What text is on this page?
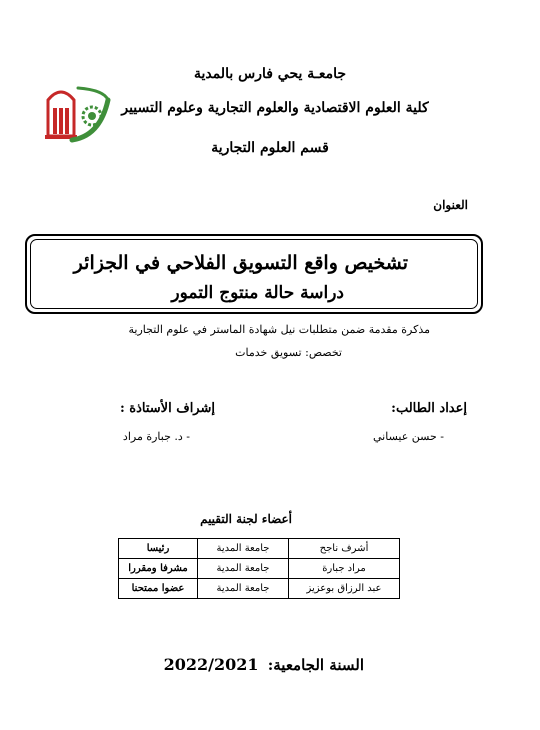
جامعـة يحي فارس بالمدية
كلية العلوم الاقتصادية والعلوم التجارية وعلوم التسيير
قسم العلوم التجارية
العنوان
تشخيص واقع التسويق الفلاحي في الجزائر
دراسة حالة منتوج التمور
مذكرة مقدمة ضمن متطلبات نيل شهادة الماستر في علوم التجارية
تخصص: تسويق خدمات
إعداد الطالب:
إشراف الأستاذة :
- حسن عيساني
- د. جبارة مراد
أعضاء لجنة التقييم
أشرف ناجح	جامعة المدية	رئيسا
مراد جبارة	جامعة المدية	مشرفا ومقررا
عبد الرزاق بوعزيز	جامعة المدية	عضوا ممتحنا
السنة الجامعية: 2022/2021
